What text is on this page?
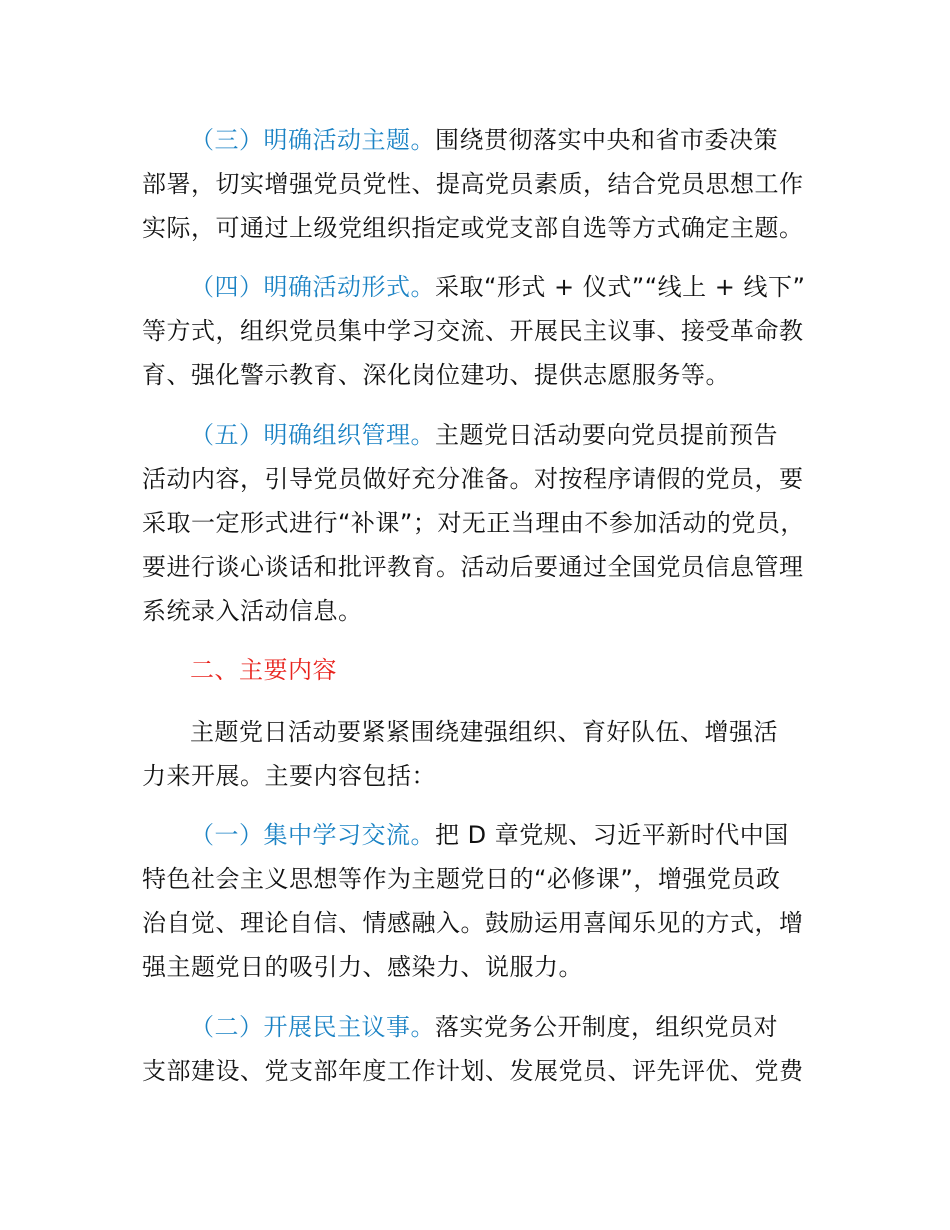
（三）明确活动主题。围绕贯彻落实中央和省市委决策
部署，切实增强党员党性、提高党员素质，结合党员思想工作
实际，可通过上级党组织指定或党支部自选等方式确定主题。
（四）明确活动形式。采取“形式 + 仪式”“线上 + 线下”
等方式，组织党员集中学习交流、开展民主议事、接受革命教
育、强化警示教育、深化岗位建功、提供志愿服务等。
（五）明确组织管理。主题党日活动要向党员提前预告
活动内容，引导党员做好充分准备。对按程序请假的党员，要
采取一定形式进行“补课”；对无正当理由不参加活动的党员，
要进行谈心谈话和批评教育。活动后要通过全国党员信息管理
系统录入活动信息。
二、主要内容
主题党日活动要紧紧围绕建强组织、育好队伍、增强活
力来开展。主要内容包括：
（一）集中学习交流。把 D 章党规、习近平新时代中国
特色社会主义思想等作为主题党日的“必修课”，增强党员政
治自觉、理论自信、情感融入。鼓励运用喜闻乐见的方式，增
强主题党日的吸引力、感染力、说服力。
（二）开展民主议事。落实党务公开制度，组织党员对
支部建设、党支部年度工作计划、发展党员、评先评优、党费
